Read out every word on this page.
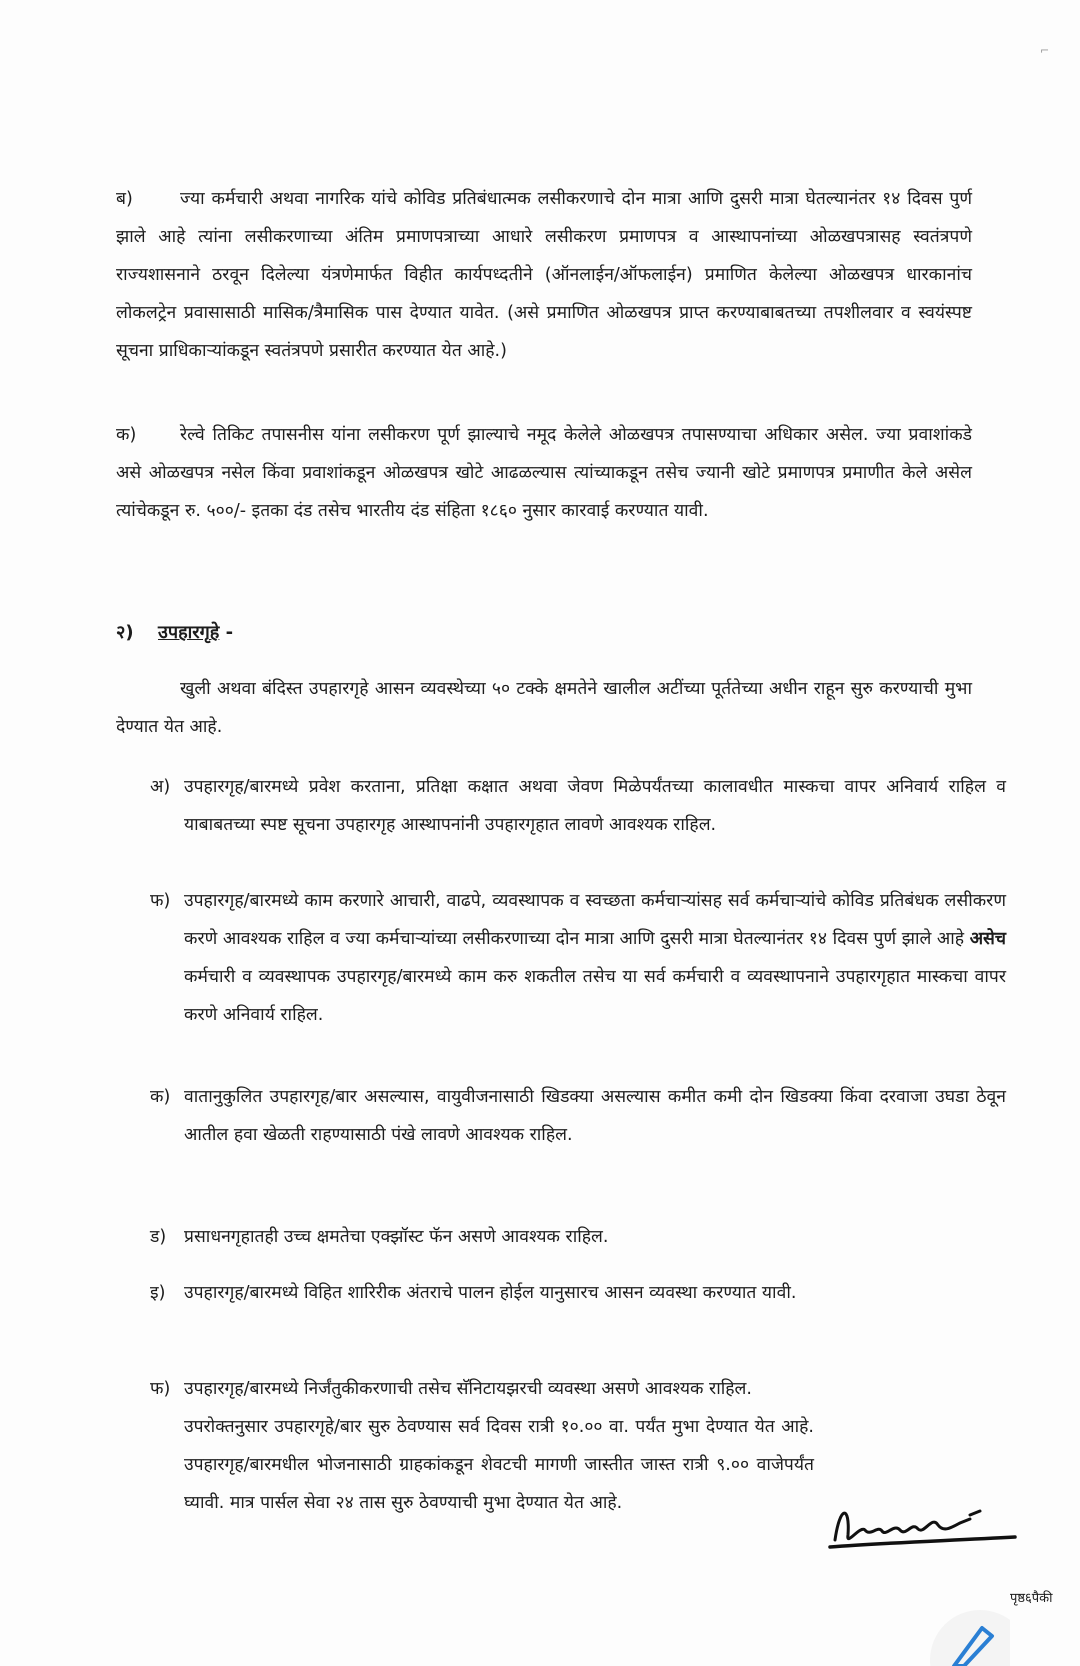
⌐

ब)	ज्या कर्मचारी अथवा नागरिक यांचे कोविड प्रतिबंधात्मक लसीकरणाचे दोन मात्रा आणि दुसरी मात्रा घेतल्यानंतर १४ दिवस पुर्ण झाले आहे त्यांना लसीकरणाच्या अंतिम प्रमाणपत्राच्या आधारे लसीकरण प्रमाणपत्र व आस्थापनांच्या ओळखपत्रासह स्वतंत्रपणे राज्यशासनाने ठरवून दिलेल्या यंत्रणेमार्फत विहीत कार्यपध्दतीने (ऑनलाईन/ऑफलाईन) प्रमाणित केलेल्या ओळखपत्र धारकानांच लोकलट्रेन प्रवासासाठी मासिक/त्रैमासिक पास देण्यात यावेत. (असे प्रमाणित ओळखपत्र प्राप्त करण्याबाबतच्या तपशीलवार व स्वयंस्पष्ट सूचना प्राधिकाऱ्यांकडून स्वतंत्रपणे प्रसारीत करण्यात येत आहे.)

क) रेल्वे तिकिट तपासनीस यांना लसीकरण पूर्ण झाल्याचे नमूद केलेले ओळखपत्र तपासण्याचा अधिकार असेल. ज्या प्रवाशांकडे असे ओळखपत्र नसेल किंवा प्रवाशांकडून ओळखपत्र खोटे आढळल्यास त्यांच्याकडून तसेच ज्यानी खोटे प्रमाणपत्र प्रमाणीत केले असेल त्यांचेकडून रु. ५००/- इतका दंड तसेच भारतीय दंड संहिता १८६० नुसार कारवाई करण्यात यावी.

२) उपहारगृहे -

खुली अथवा बंदिस्त उपहारगृहे आसन व्यवस्थेच्या ५० टक्के क्षमतेने खालील अटींच्या पूर्ततेच्या अधीन राहून सुरु करण्याची मुभा देण्यात येत आहे.

अ) उपहारगृह/बारमध्ये प्रवेश करताना, प्रतिक्षा कक्षात अथवा जेवण मिळेपर्यंतच्या कालावधीत मास्कचा वापर अनिवार्य राहिल व याबाबतच्या स्पष्ट सूचना उपहारगृह आस्थापनांनी उपहारगृहात लावणे आवश्यक राहिल.

फ) उपहारगृह/बारमध्ये काम करणारे आचारी, वाढपे, व्यवस्थापक व स्वच्छता कर्मचाऱ्यांसह सर्व कर्मचाऱ्यांचे कोविड प्रतिबंधक लसीकरण करणे आवश्यक राहिल व ज्या कर्मचाऱ्यांच्या लसीकरणाच्या दोन मात्रा आणि दुसरी मात्रा घेतल्यानंतर १४ दिवस पुर्ण झाले आहे असेच कर्मचारी व व्यवस्थापक उपहारगृह/बारमध्ये काम करु शकतील तसेच या सर्व कर्मचारी व व्यवस्थापनाने उपहारगृहात मास्कचा वापर करणे अनिवार्य राहिल.

क) वातानुकुलित उपहारगृह/बार असल्यास, वायुवीजनासाठी खिडक्या असल्यास कमीत कमी दोन खिडक्या किंवा दरवाजा उघडा ठेवून आतील हवा खेळती राहण्यासाठी पंखे लावणे आवश्यक राहिल.

ड) प्रसाधनगृहातही उच्च क्षमतेचा एक्झॉस्ट फॅन असणे आवश्यक राहिल.

इ) उपहारगृह/बारमध्ये विहित शारिरीक अंतराचे पालन होईल यानुसारच आसन व्यवस्था करण्यात यावी.

फ) उपहारगृह/बारमध्ये निर्जंतुकीकरणाची तसेच सॅनिटायझरची व्यवस्था असणे आवश्यक राहिल.

उपरोक्तनुसार उपहारगृहे/बार सुरु ठेवण्यास सर्व दिवस रात्री १०.०० वा. पर्यंत मुभा देण्यात येत आहे. उपहारगृह/बारमधील भोजनासाठी ग्राहकांकडून शेवटची मागणी जास्तीत जास्त रात्री ९.०० वाजेपर्यंत घ्यावी. मात्र पार्सल सेवा २४ तास सुरु ठेवण्याची मुभा देण्यात येत आहे.

पृष्ठ६पैकी
